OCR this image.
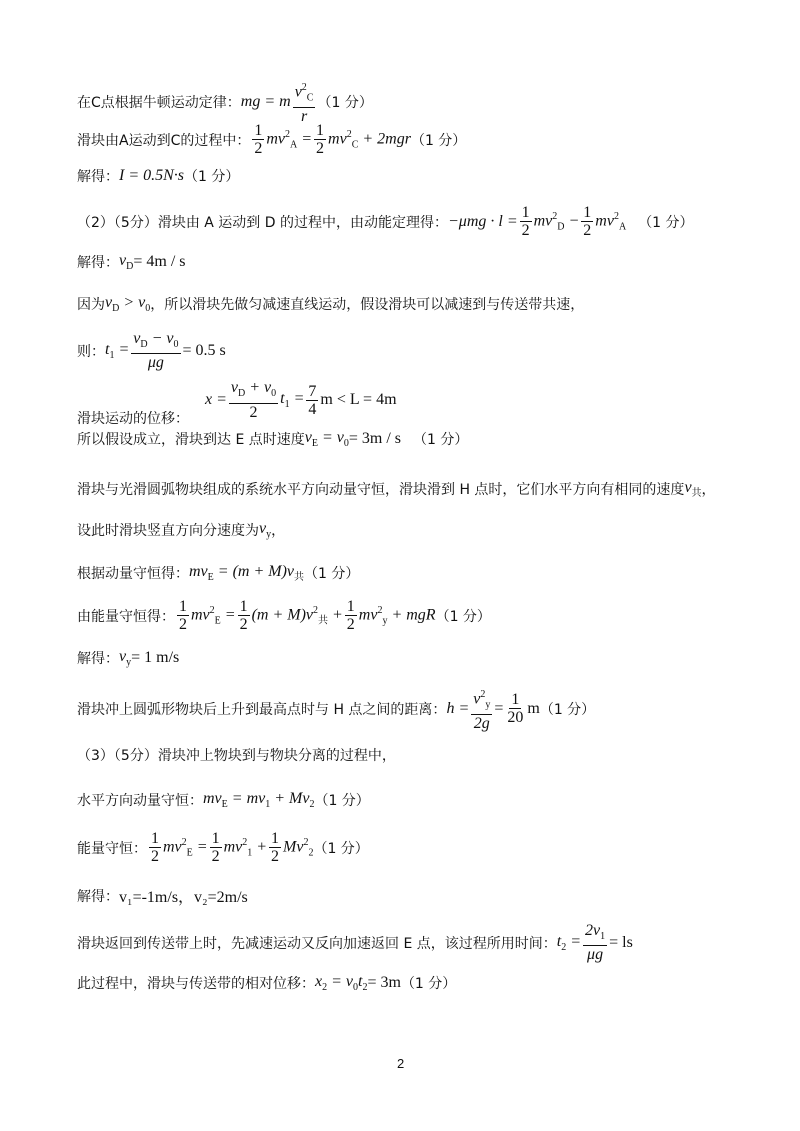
在C点根据牛顿运动定律： mg = m $\frac{v^2_C}{r} (1$ 分）
滑块由A运动到C的过程中： $\frac{1}{2} mv^2_A = \frac{1}{2} mv^2_C + 2mgr$ （1 分）
解得： I = 0.5N·s （1 分）
（2）（5分）滑块由 A 运动到 D 的过程中，由动能定理得： $-\mu mg \cdot l = \frac{1}{2} mv^2_D - \frac{1}{2} mv^2_A$ （1 分）
解得： $v_D = 4m / s$
因为 $v_D > v_0$ ，所以滑块先做匀减速直线运动，假设滑块可以减速到与传送带共速，
则： $t_1 = \frac{v_D - v_0}{\mu g} = 0.5$ s
滑块运动的位移：
$x = \frac{v_D + v_0}{2} t_1 = \frac{7}{4}$ m < L = 4m
所以假设成立，滑块到达 E 点时速度 $v_E = v_0 = 3m / s$ （1 分）
滑块与光滑圆弧物块组成的系统水平方向动量守恒，滑块滑到 H 点时，它们水平方向有相同的速度 $v_共$ ，
设此时滑块竖直方向分速度为 $v_y$ ，
根据动量守恒得： $mv_E = (m + M)v_共$ （1 分）
由能量守恒得： $\frac{1}{2} mv^2_E = \frac{1}{2} (m + M)v^2_共 + \frac{1}{2} mv^2_y$ + mgR （1 分）
解得： $v_y = 1$ m/s
滑块冲上圆弧形物块后上升到最高点时与 H 点之间的距离： $h = \frac{v^2_y}{2g} = \frac{1}{20}$ m （1 分）
（3）（5分）滑块冲上物块到与物块分离的过程中，
水平方向动量守恒： $mv_E = mv_1 + Mv_2$ （1 分）
能量守恒： $\frac{1}{2} mv^2_E = \frac{1}{2} mv^2_1 + \frac{1}{2} Mv^2_2$ （1 分）
解得： v₁=-1m/s，v₂=2m/s
滑块返回到传送带上时，先减速运动又反向加速返回 E 点，该过程所用时间： $t_2 = \frac{2v_1}{\mu g}$ = ls
此过程中，滑块与传送带的相对位移： $x_2 = v_0t_2 = 3m$ （1 分）
2
